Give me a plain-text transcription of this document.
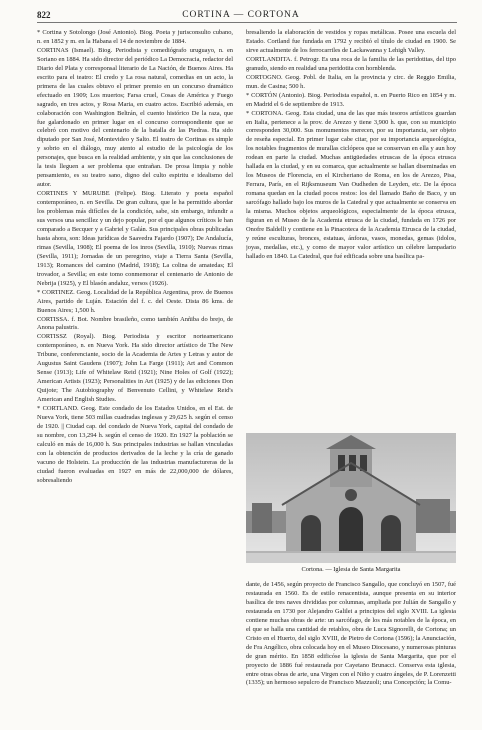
822	CORTINA — CORTONA

* Cortina y Sotolongo (José Antonio). Biog. Poeta y jurisconsulto cubano, n. en 1852 y m. en la Habana el 14 de noviembre de 1884.

CORTINAS (Ismael). Biog. Periodista y comediógrafo uruguayo, n. en Soriano en 1884. Ha sido director del periódico La Democracia, redactor del Diario del Plata y corresponsal literario de La Nación, de Buenos Aires. Ha escrito para el teatro: El credo y La rosa natural, comedias en un acto, la primera de las cuales obtuvo el primer premio en un concurso dramático efectuado en 1909; Los muertos; Farsa cruel, Cosas de América y Fuego sagrado, en tres actos, y Rosa Maria, en cuatro actos. Escribió además, en colaboración con Washington Beltrán, el cuento histórico De la raza, que fue galardonado en primer lugar en el concurso correspondiente que se celebró con motivo del centenario de la batalla de las Piedras. Ha sido diputado por San José, Montevideo y Salto. El teatro de Cortinas es simple y sobrio en el diálogo, muy atento al estudio de la psicología de los personajes, que busca en la realidad ambiente, y sin que las conclusiones de la tesis lleguen a ser problema que entrañan. De prosa limpia y noble pensamiento, es su teatro sano, digno del culto espiritu e idealismo del autor.

CORTINES Y MURUBE (Felipe). Biog. Literato y poeta español contemporáneo, n. en Sevilla. De gran cultura, que le ha permitido abordar los problemas más difíciles de la condición, sabe, sin embargo, infundir a sus versos una sencillez y un dejo popular, por el que algunos críticos le han comparado a Becquer y a Gabriel y Galán. Sus principales obras publicadas hasta ahora, son: Ideas jurídicas de Saavedra Fajardo (1907); De Andalucía, rimas (Sevilla, 1908); El poema de los inros (Sevilla, 1910); Nuevas rimas (Sevilla, 1911); Jornadas de un peregrino, viaje a Tierra Santa (Sevilla, 1913); Romances del camino (Madrid, 1918); La colina de amatedas; El trovador, a Sevilla; en este tomo conmemorar el centenario de Antonio de Nebrija (1925), y El blasón andaluz, versos (1926).

* CORTINEZ. Geog. Localidad de la República Argentina, prov. de Buenos Aires, partido de Luján. Estación del f. c. del Oeste. Dista 86 kms. de Buenos Aires; 1,500 h.

CORTISSA. f. Bot. Nombre brasileño, como también Anñiba do brejo, de Anona palustris.

CORTISSZ (Royal). Biog. Periodista y escritor norteamericano contemporáneo, n. en Nueva York. Ha sido director artístico de The New Tribune, conferenciante, socio de la Academia de Artes y Letras y autor de Augustus Saint Gaudens (1907); John La Farge (1911); Art and Common Sense (1913); Life of Whitelaw Reid (1921); Nine Holes of Golf (1922); American Artists (1923); Personalities in Art (1925) y de las ediciones Don Quijote; The Autobiography of Benvenuto Cellini, y Whitelaw Reid's American and English Studies.

* CORTLAND. Geog. Este condado de los Estados Unidos, en el Est. de Nueva York, tiene 503 millas cuadradas inglesas y 29,625 h. según el censo de 1920. || Ciudad cap. del condado de Nueva York, capital del condado de su nombre, con 13,294 h. según el censo de 1920. En 1927 la población se calculó en más de 16,000 h. Sus principales industrias se hallan vinculadas con la obtención de productos derivados de la leche y la cría de ganado vacuno de Holstein. La producción de las industrias manufactureras de la ciudad fueron evaluadas en 1927 en más de 22,000,000 de dólares, sobresaliendo

bresaliendo la elaboración de vestidos y ropas metálicas. Posee una escuela del Estado. Cortland fue fundada en 1792 y recibió el título de ciudad en 1900. Se sirve actualmente de los ferrocarriles de Lackawanna y Lehigh Valley.

CORTLANDITA. f. Petrogr. Es una roca de la familia de las peridotitas, del tipo granudo, siendo en realidad una peridotita con hornblenda.

CORTOGNO. Geog. Pobl. de Italia, en la provincia y circ. de Reggio Emilia, mun. de Casina; 500 h.

* CORTÓN (Antonio). Biog. Periodista español, n. en Puerto Rico en 1854 y m. en Madrid el 6 de septiembre de 1913.

* CORTONA. Geog. Esta ciudad, una de las que más tesoros artísticos guardan en Italia, pertenece a la prov. de Arezzo y tiene 3,900 h. que, con su municipio corresponden 30,000. Sus monumentos merecen, por su importancia, ser objeto de reseña especial. En primer lugar cabe citar, por su importancia arqueológica, los notables fragmentos de murallas ciclópeos que se conservan en ella y aun hoy rodean en parte la ciudad. Muchas antigüedades etruscas de la época etrusca hallada en la ciudad, y en su comarca, que actualmente se hallan diseminadas en los Museos de Florencia, en el Kircheriano de Roma, en los de Arezzo, Pisa, Ferrara, París, en el Rijksmuseum Van Oudheden de Leyden, etc. De la época romana quedan en la ciudad pocos restos: los del llamado Baño de Baco, y un sarcófago hallado bajo los muros de la Catedral y que actualmente se conserva en la misma. Muchos objetos arqueológicos, especialmente de la época etrusca, figuran en el Museo de la Academia etrusca de la ciudad, fundada en 1726 por Onofre Baldelli y contiene en la Pinacoteca de la Academia Etrusca de la ciudad, y reúne esculturas, bronces, estatuas, ánforas, vasos, monedas, gemas (idolos, joyas, medallas, etc.), y como de mayor valor artístico un célebre lampadario hallado en 1840. La Catedral, que fué edificada sobre una basílica pa-

Cortona. — Iglesia de Santa Margarita

dante, de 1456, según proyecto de Francisco Sangallo, que concluyó en 1507, fué restaurada en 1560. Es de estilo renacentista, aunque presenta en su interior basílica de tres naves divididas por columnas, ampliada por Julián de Sangallo y restaurada en 1730 por Alejandro Galilei a principios del siglo XVIII. La iglesia contiene muchas obras de arte: un sarcófago, de los más notables de la época, en el que se halla una cantidad de retablos, obra de Luca Signorelli, de Cortona; un Cristo en el Huerto, del siglo XVIII, de Pietro de Cortona (1596); la Anunciación, de Fra Angélico, obra colocada hoy en el Museo Diocesano, y numerosas pinturas de gran mérito. En 1858 edificóse la iglesia de Santa Margarita, que por el proyecto de 1886 fué restaurada por Cayetano Brunacci. Conserva esta iglesia, entre otras obras de arte, una Virgen con el Niño y cuatro ángeles, de P. Lorenzetti (1335); un hermoso sepulcro de Francisco Mazzuoli; una Concepción; la Comu-
